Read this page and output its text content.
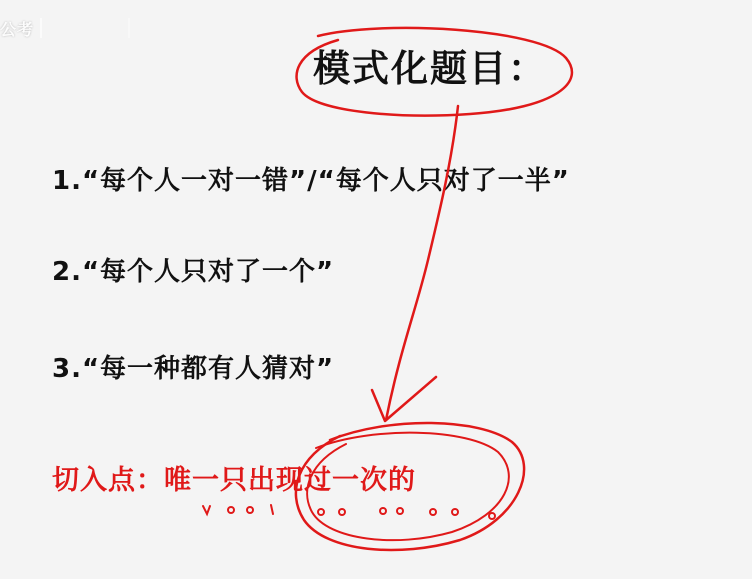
公考
模式化题目：
1.“每个人一对一错”/“每个人只对了一半”
2.“每个人只对了一个”
3.“每一种都有人猜对”
切入点：唯一只出现过一次的
